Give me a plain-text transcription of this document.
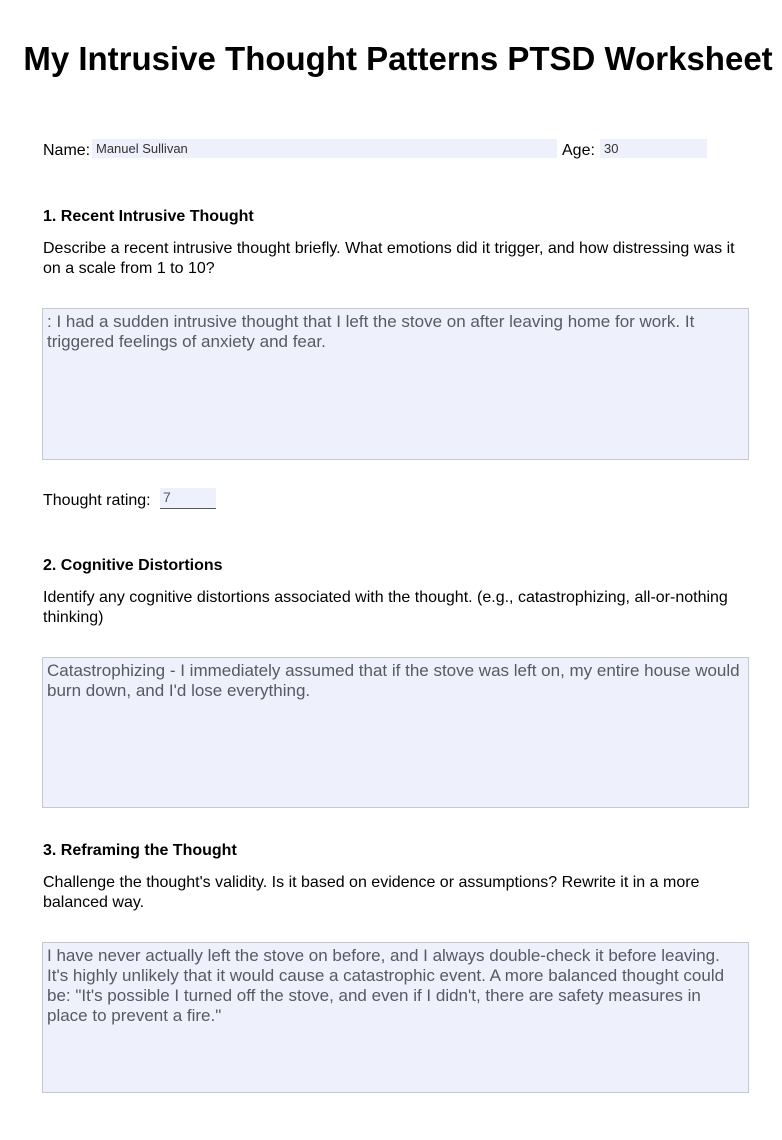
My Intrusive Thought Patterns PTSD Worksheet
Name: Manuel Sullivan	Age: 30
1. Recent Intrusive Thought
Describe a recent intrusive thought briefly. What emotions did it trigger, and how distressing was it on a scale from 1 to 10?
: I had a sudden intrusive thought that I left the stove on after leaving home for work. It triggered feelings of anxiety and fear.
Thought rating: 7
2. Cognitive Distortions
Identify any cognitive distortions associated with the thought. (e.g., catastrophizing, all-or-nothing thinking)
Catastrophizing - I immediately assumed that if the stove was left on, my entire house would burn down, and I'd lose everything.
3. Reframing the Thought
Challenge the thought's validity. Is it based on evidence or assumptions? Rewrite it in a more balanced way.
I have never actually left the stove on before, and I always double-check it before leaving. It's highly unlikely that it would cause a catastrophic event. A more balanced thought could be: "It's possible I turned off the stove, and even if I didn't, there are safety measures in place to prevent a fire."
